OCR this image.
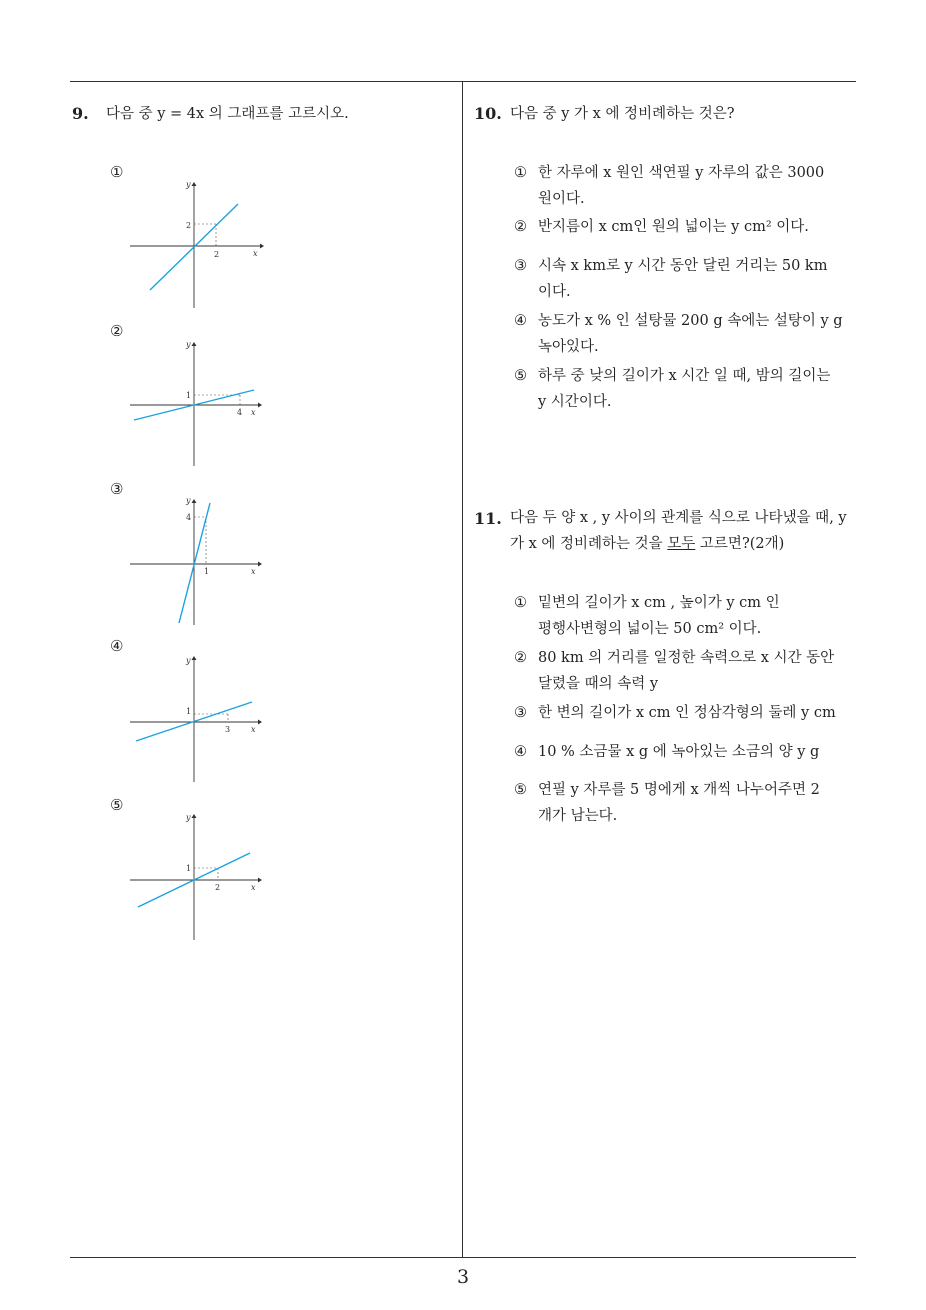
9. 다음 중 y = 4x 의 그래프를 고르시오.
①
x
y
2
2
②
x
y
1
4
③
x
y
4
1
④
x
y
1
3
⑤
x
y
1
2
10. 다음 중 y 가 x 에 정비례하는 것은?
① 한 자루에 x 원인 색연필 y 자루의 값은 3000
원이다.
② 반지름이 x cm인 원의 넓이는 y cm² 이다.
③ 시속 x km로 y 시간 동안 달린 거리는 50 km
이다.
④ 농도가 x % 인 설탕물 200 g 속에는 설탕이 y g
녹아있다.
⑤ 하루 중 낮의 길이가 x 시간 일 때, 밤의 길이는
y 시간이다.
11. 다음 두 양 x , y 사이의 관계를 식으로 나타냈을 때, y
가 x 에 정비례하는 것을 모두 고르면?(2개)
① 밑변의 길이가 x cm , 높이가 y cm 인
평행사변형의 넓이는 50 cm² 이다.
② 80 km 의 거리를 일정한 속력으로 x 시간 동안
달렸을 때의 속력 y
③ 한 변의 길이가 x cm 인 정삼각형의 둘레 y cm
④ 10 % 소금물 x g 에 녹아있는 소금의 양 y g
⑤ 연필 y 자루를 5 명에게 x 개씩 나누어주면 2
개가 남는다.
3
